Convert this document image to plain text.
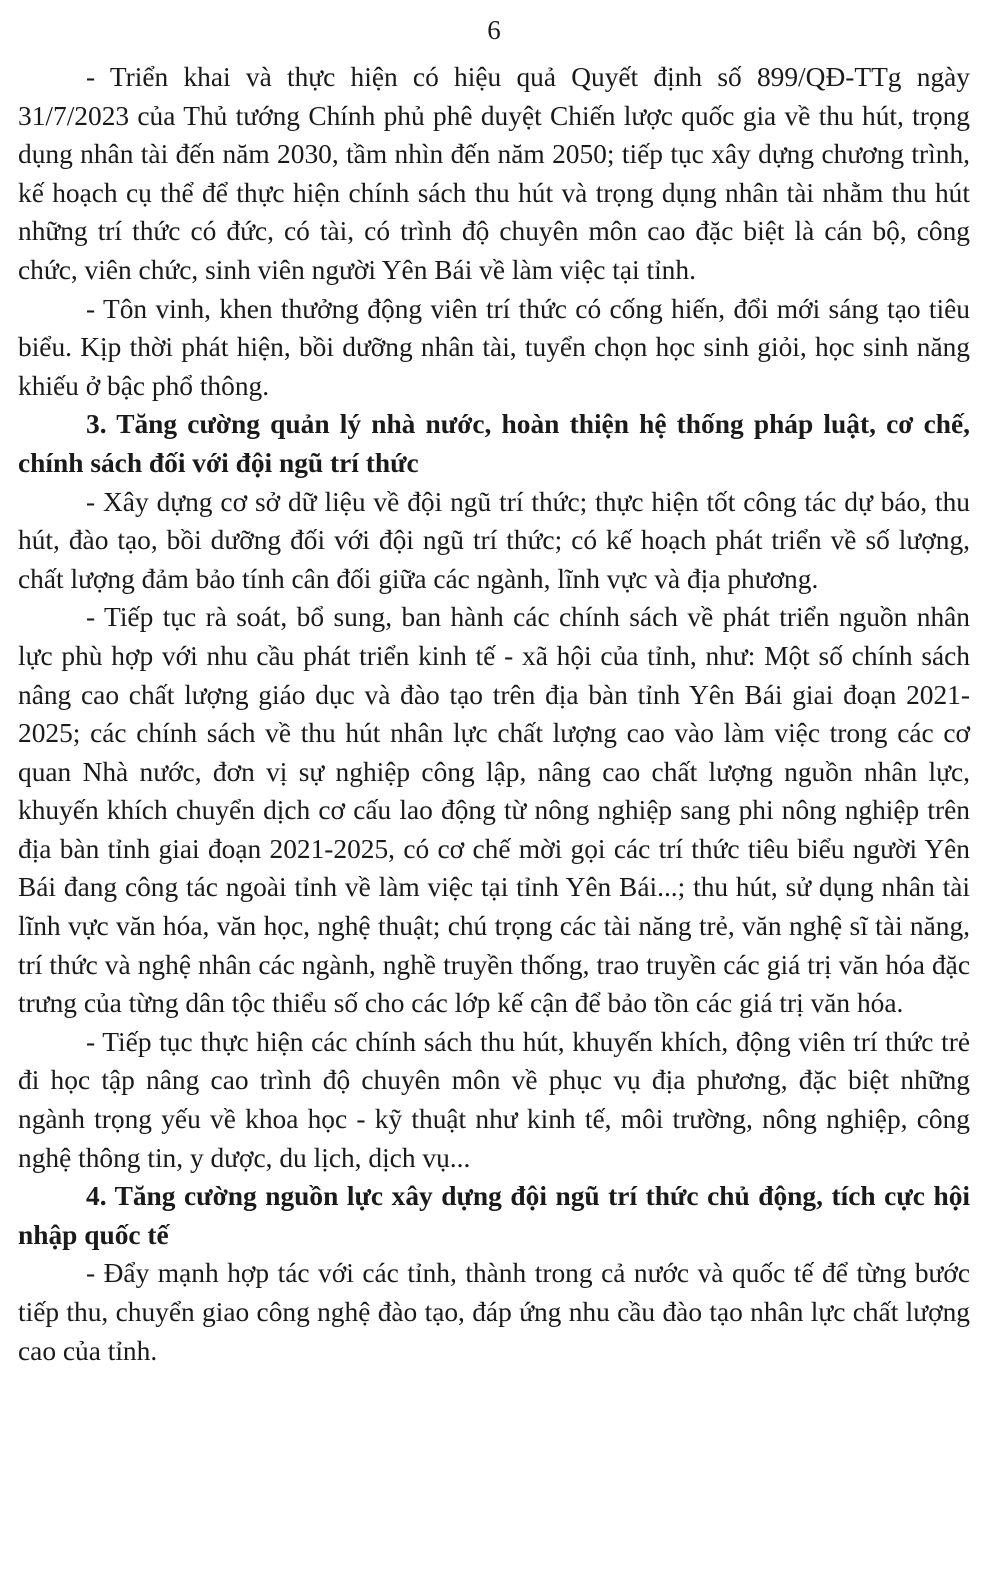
6

- Triển khai và thực hiện có hiệu quả Quyết định số 899/QĐ-TTg ngày 31/7/2023 của Thủ tướng Chính phủ phê duyệt Chiến lược quốc gia về thu hút, trọng dụng nhân tài đến năm 2030, tầm nhìn đến năm 2050; tiếp tục xây dựng chương trình, kế hoạch cụ thể để thực hiện chính sách thu hút và trọng dụng nhân tài nhằm thu hút những trí thức có đức, có tài, có trình độ chuyên môn cao đặc biệt là cán bộ, công chức, viên chức, sinh viên người Yên Bái về làm việc tại tỉnh.

- Tôn vinh, khen thưởng động viên trí thức có cống hiến, đổi mới sáng tạo tiêu biểu. Kịp thời phát hiện, bồi dưỡng nhân tài, tuyển chọn học sinh giỏi, học sinh năng khiếu ở bậc phổ thông.

3. Tăng cường quản lý nhà nước, hoàn thiện hệ thống pháp luật, cơ chế, chính sách đối với đội ngũ trí thức

- Xây dựng cơ sở dữ liệu về đội ngũ trí thức; thực hiện tốt công tác dự báo, thu hút, đào tạo, bồi dưỡng đối với đội ngũ trí thức; có kế hoạch phát triển về số lượng, chất lượng đảm bảo tính cân đối giữa các ngành, lĩnh vực và địa phương.

- Tiếp tục rà soát, bổ sung, ban hành các chính sách về phát triển nguồn nhân lực phù hợp với nhu cầu phát triển kinh tế - xã hội của tỉnh, như: Một số chính sách nâng cao chất lượng giáo dục và đào tạo trên địa bàn tỉnh Yên Bái giai đoạn 2021-2025; các chính sách về thu hút nhân lực chất lượng cao vào làm việc trong các cơ quan Nhà nước, đơn vị sự nghiệp công lập, nâng cao chất lượng nguồn nhân lực, khuyến khích chuyển dịch cơ cấu lao động từ nông nghiệp sang phi nông nghiệp trên địa bàn tỉnh giai đoạn 2021-2025, có cơ chế mời gọi các trí thức tiêu biểu người Yên Bái đang công tác ngoài tỉnh về làm việc tại tỉnh Yên Bái...; thu hút, sử dụng nhân tài lĩnh vực văn hóa, văn học, nghệ thuật; chú trọng các tài năng trẻ, văn nghệ sĩ tài năng, trí thức và nghệ nhân các ngành, nghề truyền thống, trao truyền các giá trị văn hóa đặc trưng của từng dân tộc thiểu số cho các lớp kế cận để bảo tồn các giá trị văn hóa.

- Tiếp tục thực hiện các chính sách thu hút, khuyến khích, động viên trí thức trẻ đi học tập nâng cao trình độ chuyên môn về phục vụ địa phương, đặc biệt những ngành trọng yếu về khoa học - kỹ thuật như kinh tế, môi trường, nông nghiệp, công nghệ thông tin, y dược, du lịch, dịch vụ...

4. Tăng cường nguồn lực xây dựng đội ngũ trí thức chủ động, tích cực hội nhập quốc tế

- Đẩy mạnh hợp tác với các tỉnh, thành trong cả nước và quốc tế để từng bước tiếp thu, chuyển giao công nghệ đào tạo, đáp ứng nhu cầu đào tạo nhân lực chất lượng cao của tỉnh.
